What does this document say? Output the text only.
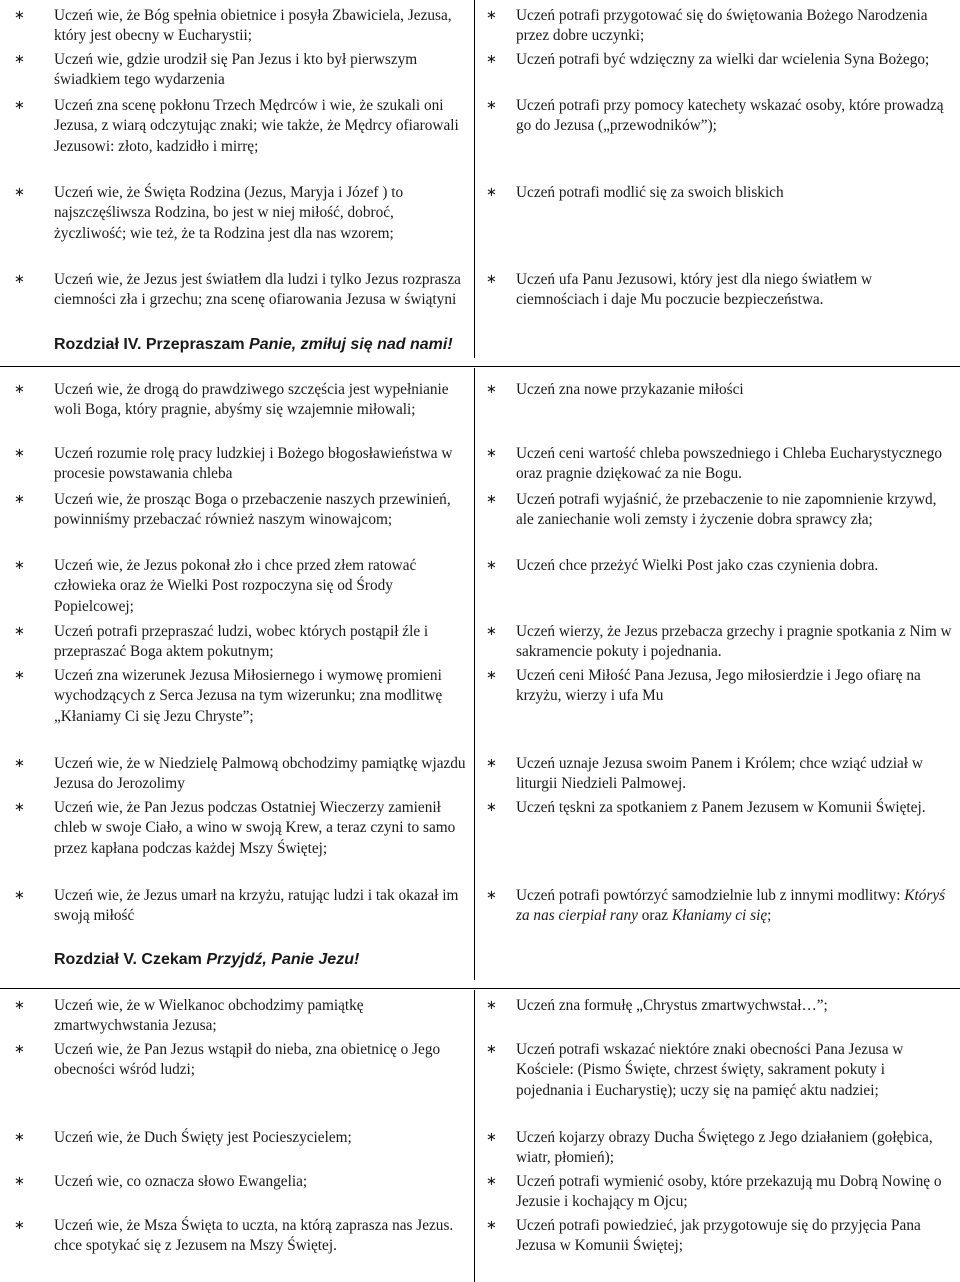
∗ Uczeń wie, że Bóg spełnia obietnice i posyła Zbawiciela, Jezusa, który jest obecny w Eucharystii;
∗ Uczeń wie, gdzie urodził się Pan Jezus i kto był pierwszym świadkiem tego wydarzenia
∗ Uczeń zna scenę pokłonu Trzech Mędrców i wie, że szukali oni Jezusa, z wiarą odczytując znaki; wie także, że Mędrcy ofiarowali Jezusowi: złoto, kadzidło i mirrę;
∗ Uczeń wie, że Święta Rodzina (Jezus, Maryja i Józef ) to najszczęśliwsza Rodzina, bo jest w niej miłość, dobroć, życzliwość; wie też, że ta Rodzina jest dla nas wzorem;
∗ Uczeń wie, że Jezus jest światłem dla ludzi i tylko Jezus rozprasza ciemności zła i grzechu; zna scenę ofiarowania Jezusa w świątyni
∗ Uczeń potrafi przygotować się do świętowania Bożego Narodzenia przez dobre uczynki;
∗ Uczeń potrafi być wdzięczny za wielki dar wcielenia Syna Bożego;
∗ Uczeń potrafi przy pomocy katechety wskazać osoby, które prowadzą go do Jezusa („przewodników”);
∗ Uczeń potrafi modlić się za swoich bliskich
∗ Uczeń ufa Panu Jezusowi, który jest dla niego światłem w ciemnościach i daje Mu poczucie bezpieczeństwa.
Rozdział IV. Przepraszam Panie, zmiłuj się nad nami!
∗ Uczeń wie, że drogą do prawdziwego szczęścia jest wypełnianie woli Boga, który pragnie, abyśmy się wzajemnie miłowali;
∗ Uczeń rozumie rolę pracy ludzkiej i Bożego błogosławieństwa w procesie powstawania chleba
∗ Uczeń wie, że prosząc Boga o przebaczenie naszych przewinień, powinniśmy przebaczać również naszym winowajcom;
∗ Uczeń wie, że Jezus pokonał zło i chce przed złem ratować człowieka oraz że Wielki Post rozpoczyna się od Środy Popielcowej;
∗ Uczeń potrafi przepraszać ludzi, wobec których postąpił źle i przepraszać Boga aktem pokutnym;
∗ Uczeń zna wizerunek Jezusa Miłosiernego i wymowę promieni wychodzących z Serca Jezusa na tym wizerunku; zna modlitwę „Kłaniamy Ci się Jezu Chryste”;
∗ Uczeń wie, że w Niedzielę Palmową obchodzimy pamiątkę wjazdu Jezusa do Jerozolimy
∗ Uczeń wie, że Pan Jezus podczas Ostatniej Wieczerzy zamienił chleb w swoje Ciało, a wino w swoją Krew, a teraz czyni to samo przez kapłana podczas każdej Mszy Świętej;
∗ Uczeń wie, że Jezus umarł na krzyżu, ratując ludzi i tak okazał im swoją miłość
∗ Uczeń zna nowe przykazanie miłości
∗ Uczeń ceni wartość chleba powszedniego i Chleba Eucharystycznego oraz pragnie dziękować za nie Bogu.
∗ Uczeń potrafi wyjaśnić, że przebaczenie to nie zapomnienie krzywd, ale zaniechanie woli zemsty i życzenie dobra sprawcy zła;
∗ Uczeń chce przeżyć Wielki Post jako czas czynienia dobra.
∗ Uczeń wierzy, że Jezus przebacza grzechy i pragnie spotkania z Nim w sakramencie pokuty i pojednania.
∗ Uczeń ceni Miłość Pana Jezusa, Jego miłosierdzie i Jego ofiarę na krzyżu, wierzy i ufa Mu
∗ Uczeń uznaje Jezusa swoim Panem i Królem; chce wziąć udział w liturgii Niedzieli Palmowej.
∗ Uczeń tęskni za spotkaniem z Panem Jezusem w Komunii Świętej.
∗ Uczeń potrafi powtórzyć samodzielnie lub z innymi modlitwy: Któryś za nas cierpiał rany oraz Kłaniamy ci się;
Rozdział V. Czekam Przyjdź, Panie Jezu!
∗ Uczeń wie, że w Wielkanoc obchodzimy pamiątkę zmartwychwstania Jezusa;
∗ Uczeń wie, że Pan Jezus wstąpił do nieba, zna obietnicę o Jego obecności wśród ludzi;
∗ Uczeń wie, że Duch Święty jest Pocieszycielem;
∗ Uczeń wie, co oznacza słowo Ewangelia;
∗ Uczeń wie, że Msza Święta to uczta, na którą zaprasza nas Jezus. chce spotykać się z Jezusem na Mszy Świętej.
∗ Uczeń zna formułę „Chrystus zmartwychwstał…”;
∗ Uczeń potrafi wskazać niektóre znaki obecności Pana Jezusa w Kościele: (Pismo Święte, chrzest święty, sakrament pokuty i pojednania i Eucharystię); uczy się na pamięć aktu nadziei;
∗ Uczeń kojarzy obrazy Ducha Świętego z Jego działaniem (gołębica, wiatr, płomień);
∗ Uczeń potrafi wymienić osoby, które przekazują mu Dobrą Nowinę o Jezusie i kochający m Ojcu;
∗ Uczeń potrafi powiedzieć, jak przygotowuje się do przyjęcia Pana Jezusa w Komunii Świętej;
